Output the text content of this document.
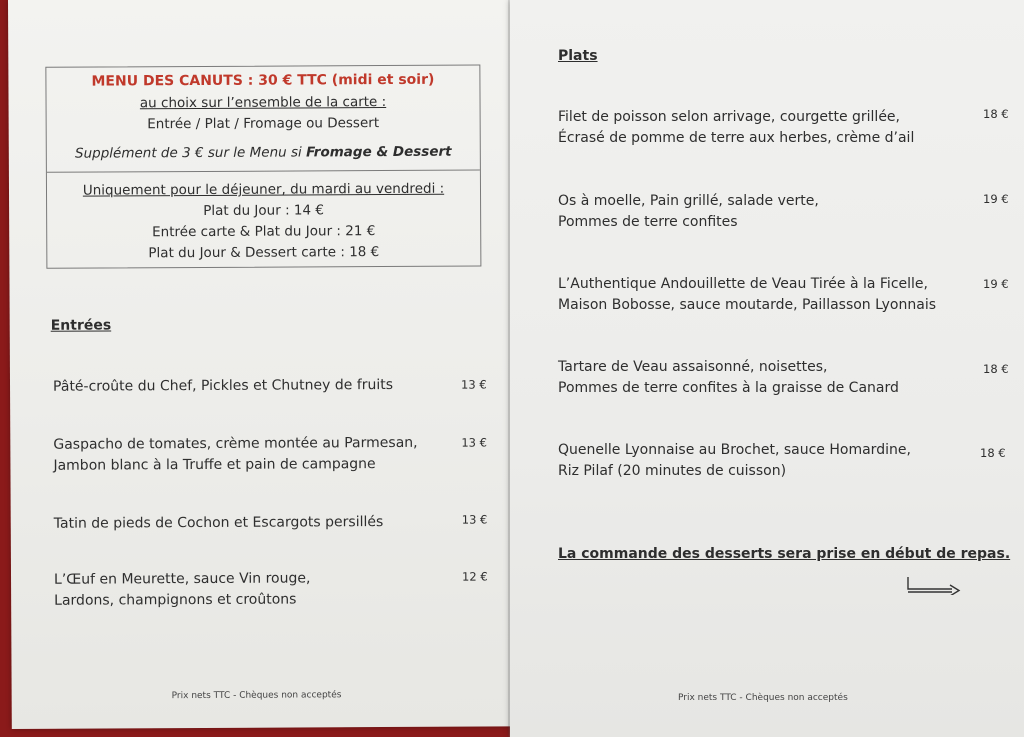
MENU DES CANUTS : 30 € TTC (midi et soir)
au choix sur l’ensemble de la carte :
Entrée / Plat / Fromage ou Dessert
Supplément de 3 € sur le Menu si Fromage & Dessert
Uniquement pour le déjeuner, du mardi au vendredi :
Plat du Jour : 14 €
Entrée carte & Plat du Jour : 21 €
Plat du Jour & Dessert carte : 18 €
Entrées
Pâté-croûte du Chef, Pickles et Chutney de fruits	13 €
Gaspacho de tomates, crème montée au Parmesan,
Jambon blanc à la Truffe et pain de campagne
13 €
Tatin de pieds de Cochon et Escargots persillés	13 €
L’Œuf en Meurette, sauce Vin rouge,
Lardons, champignons et croûtons
12 €
Prix nets TTC - Chèques non acceptés
Plats
Filet de poisson selon arrivage, courgette grillée,
Écrasé de pomme de terre aux herbes, crème d’ail
18 €
Os à moelle, Pain grillé, salade verte,
Pommes de terre confites
19 €
L’Authentique Andouillette de Veau Tirée à la Ficelle,
Maison Bobosse, sauce moutarde, Paillasson Lyonnais
19 €
Tartare de Veau assaisonné, noisettes,
Pommes de terre confites à la graisse de Canard
18 €
Quenelle Lyonnaise au Brochet, sauce Homardine,
Riz Pilaf (20 minutes de cuisson)
18 €
La commande des desserts sera prise en début de repas.
Prix nets TTC - Chèques non acceptés
